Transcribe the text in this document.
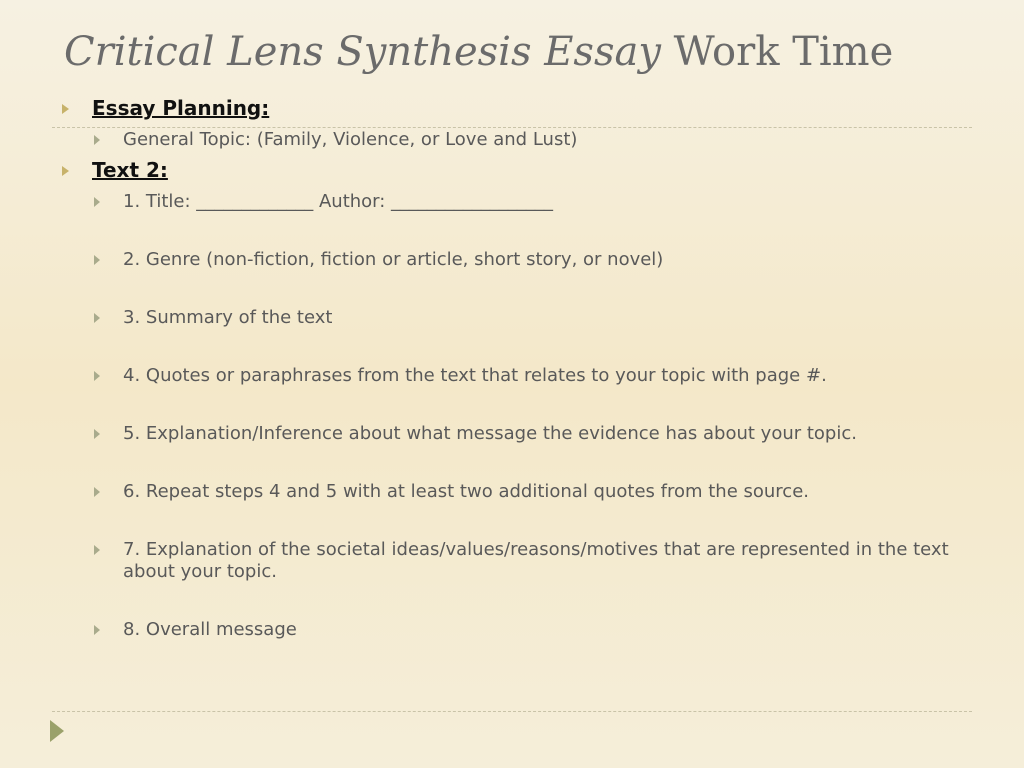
Critical Lens Synthesis Essay Work Time
Essay Planning:
General Topic: (Family, Violence, or Love and Lust)
Text 2:
1. Title: _____________ Author: __________________
2. Genre (non-fiction, fiction or article, short story, or novel)
3. Summary of the text
4. Quotes or paraphrases from the text that relates to your topic with page #.
5. Explanation/Inference about what message the evidence has about your topic.
6. Repeat steps 4 and 5 with at least two additional quotes from the source.
7. Explanation of the societal ideas/values/reasons/motives that are represented in the text
about your topic.
8. Overall message
